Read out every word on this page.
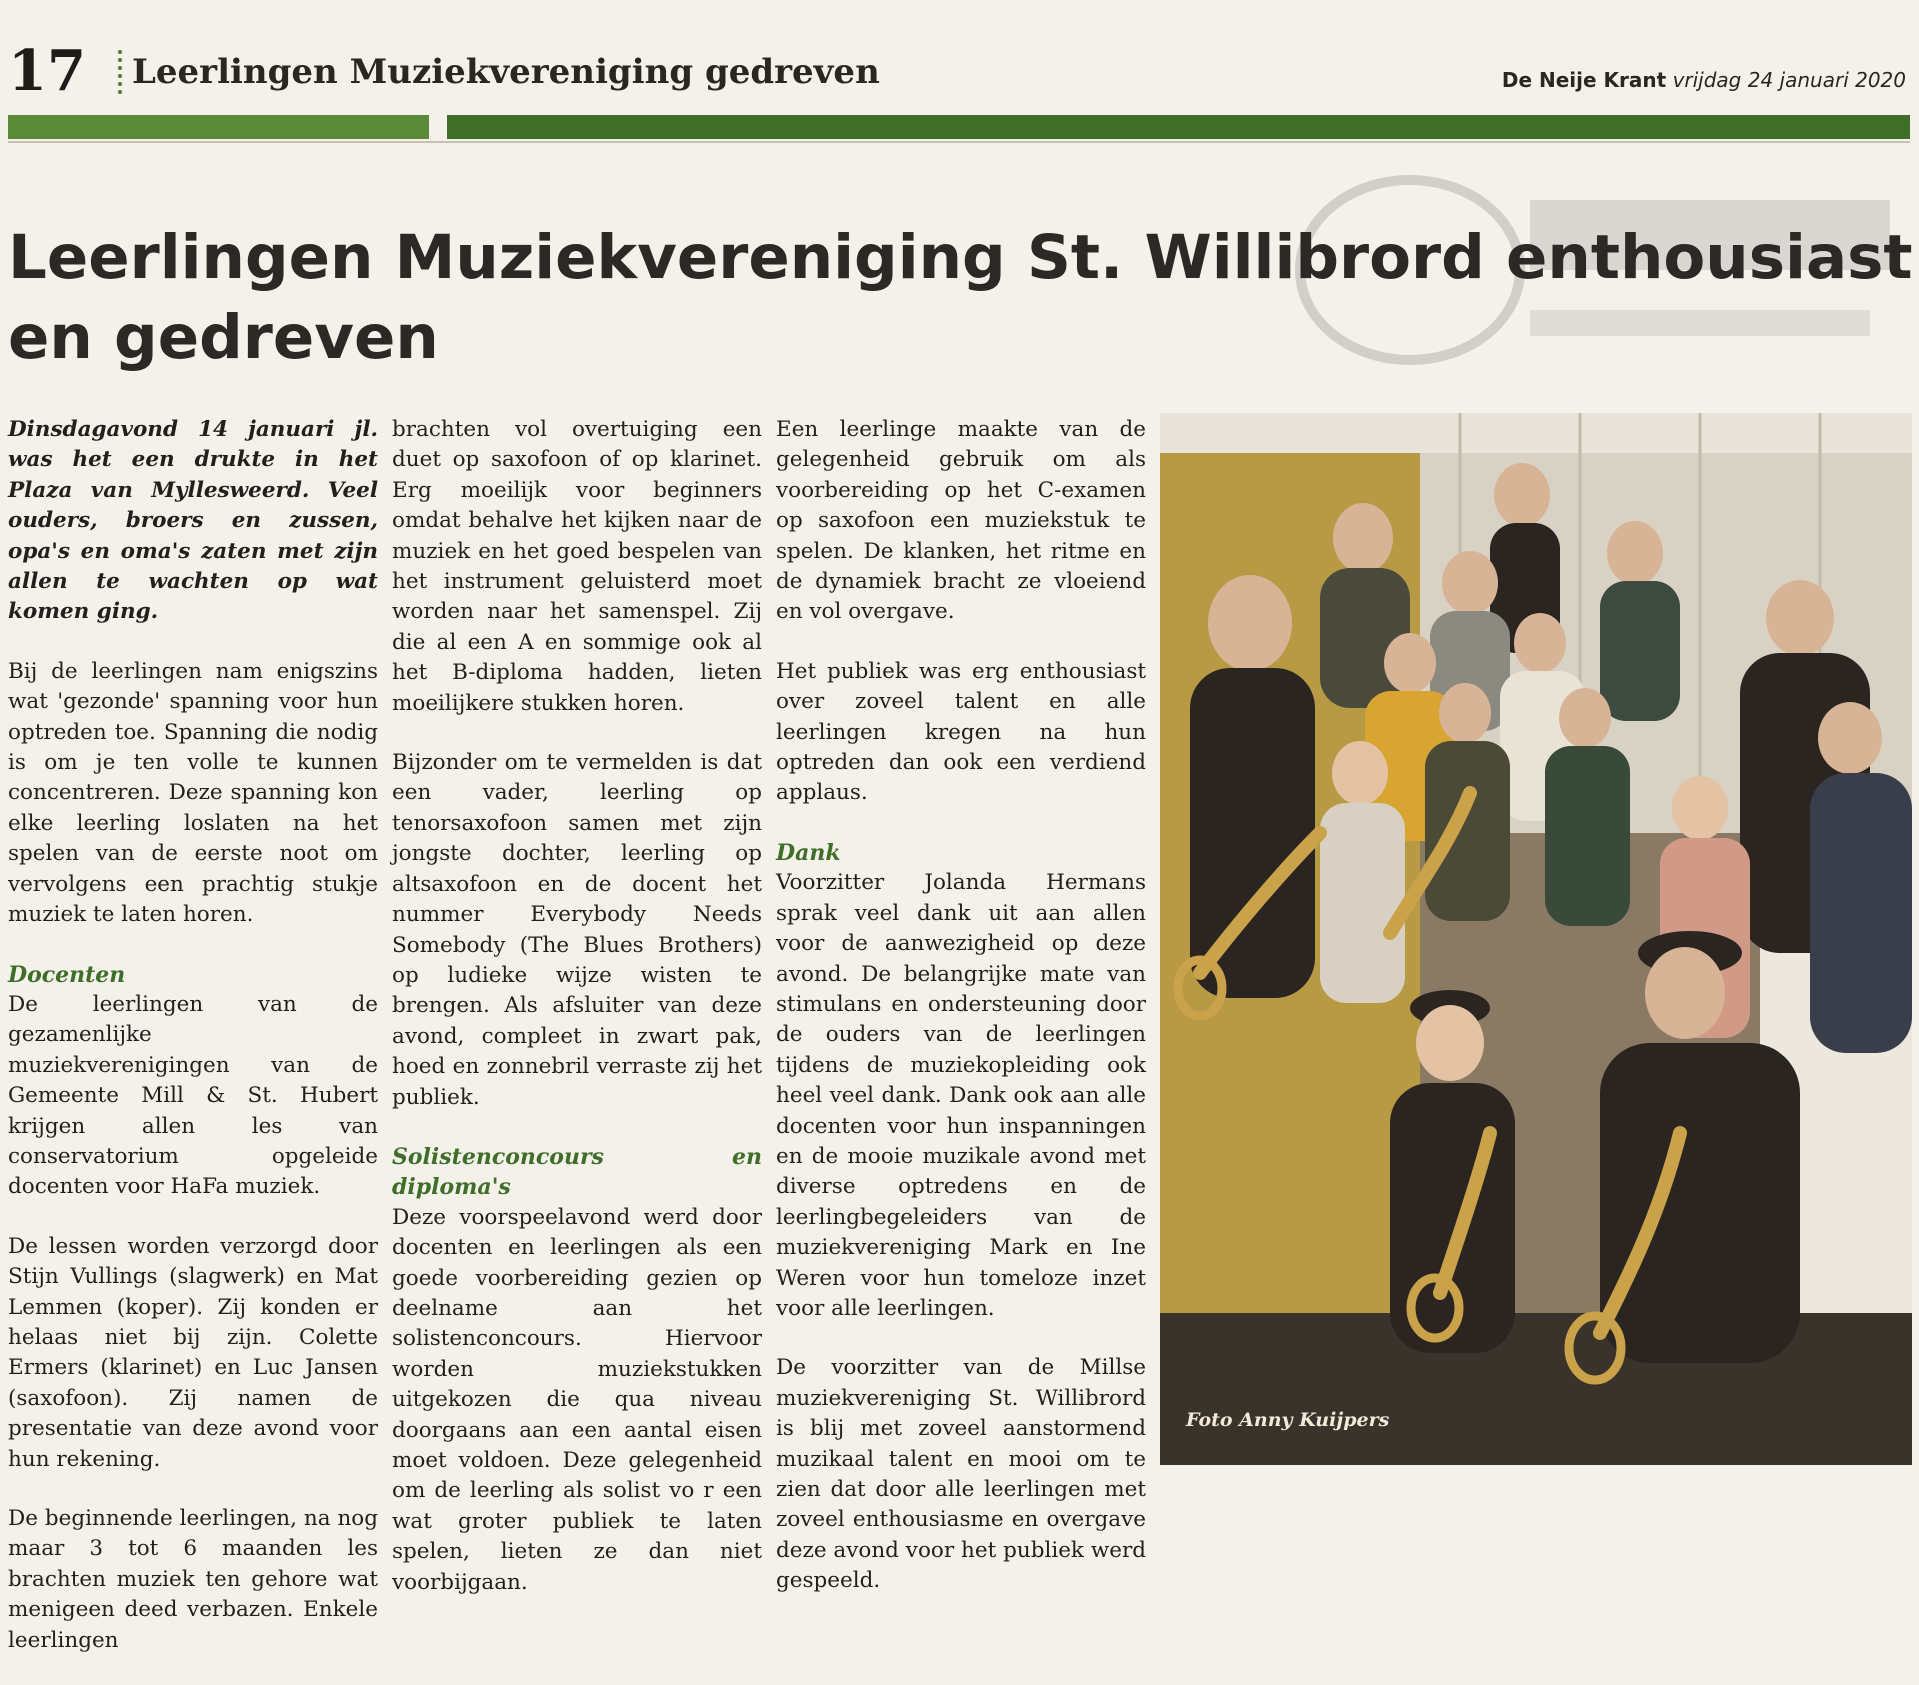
17 Leerlingen Muziekvereniging gedreven	De Neije Krant vrijdag 24 januari 2020
Leerlingen Muziekvereniging St. Willibrord enthousiast en gedreven

Dinsdagavond 14 januari jl. was het een drukte in het Plaza van Myllesweerd. Veel ouders, broers en zussen, opa's en oma's zaten met zijn allen te wachten op wat komen ging.

Bij de leerlingen nam enigszins wat 'gezonde' spanning voor hun optreden toe. Spanning die nodig is om je ten volle te kunnen concentreren. Deze spanning kon elke leerling loslaten na het spelen van de eerste noot om vervolgens een prachtig stukje muziek te laten horen.

Docenten

De leerlingen van de gezamenlijke muziekverenigingen van de Gemeente Mill & St. Hubert krijgen allen les van conservatorium opgeleide docenten voor HaFa muziek.

De lessen worden verzorgd door Stijn Vullings (slagwerk) en Mat Lemmen (koper). Zij konden er helaas niet bij zijn. Colette Ermers (klarinet) en Luc Jansen (saxofoon). Zij namen de presentatie van deze avond voor hun rekening.

De beginnende leerlingen, na nog maar 3 tot 6 maanden les brachten muziek ten gehore wat menigeen deed verbazen. Enkele leerlingen

brachten vol overtuiging een duet op saxofoon of op klarinet. Erg moeilijk voor beginners omdat behalve het kijken naar de muziek en het goed bespelen van het instrument geluisterd moet worden naar het samenspel. Zij die al een A en sommige ook al het B-diploma hadden, lieten moeilijkere stukken horen.

Bijzonder om te vermelden is dat een vader, leerling op tenorsaxofoon samen met zijn jongste dochter, leerling op altsaxofoon en de docent het nummer Everybody Needs Somebody (The Blues Brothers) op ludieke wijze wisten te brengen. Als afsluiter van deze avond, compleet in zwart pak, hoed en zonnebril verraste zij het publiek.

Solistenconcours en diploma's

Deze voorspeelavond werd door docenten en leerlingen als een goede voorbereiding gezien op deelname aan het solistenconcours. Hiervoor worden muziekstukken uitgekozen die qua niveau doorgaans aan een aantal eisen moet voldoen. Deze gelegenheid om de leerling als solist vo r een wat groter publiek te laten spelen, lieten ze dan niet voorbijgaan.

Een leerlinge maakte van de gelegenheid gebruik om als voorbereiding op het C-examen op saxofoon een muziekstuk te spelen. De klanken, het ritme en de dynamiek bracht ze vloeiend en vol overgave.

Het publiek was erg enthousiast over zoveel talent en alle leerlingen kregen na hun optreden dan ook een verdiend applaus.

Dank

Voorzitter Jolanda Hermans sprak veel dank uit aan allen voor de aanwezigheid op deze avond. De belangrijke mate van stimulans en ondersteuning door de ouders van de leerlingen tijdens de muziekopleiding ook heel veel dank. Dank ook aan alle docenten voor hun inspanningen en de mooie muzikale avond met diverse optredens en de leerlingbegeleiders van de muziekvereniging Mark en Ine Weren voor hun tomeloze inzet voor alle leerlingen.

De voorzitter van de Millse muziekvereniging St. Willibrord is blij met zoveel aanstormend muzikaal talent en mooi om te zien dat door alle leerlingen met zoveel enthousiasme en overgave deze avond voor het publiek werd gespeeld.

Foto Anny Kuijpers
